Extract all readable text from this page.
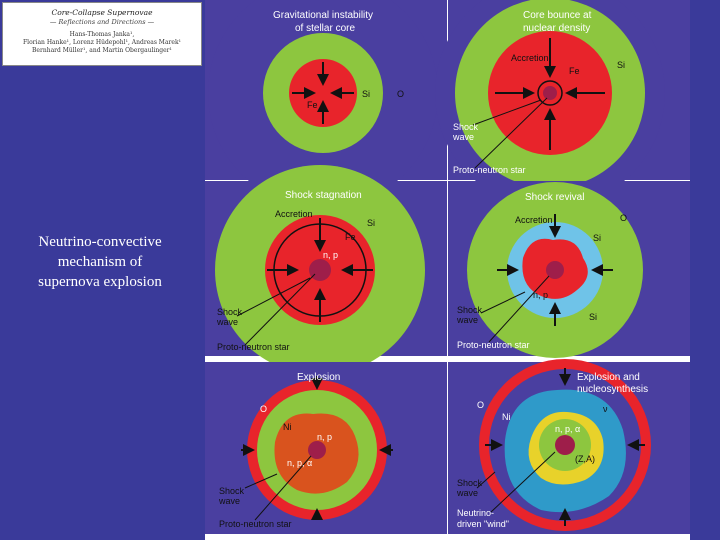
Core-Collapse Supernovae
— Reflections and Directions —
Hans-Thomas Janka¹,
Florian Hanke¹, Lorenz Hüdepohl¹, Andreas Marek¹
Bernhard Müller¹, and Martin Obergaulinger¹
Neutrino-convective
mechanism of
supernova explosion
Gravitational instability
of stellar core
Fe
Si	O
Core bounce at
nuclear density
Accretion
Fe
Si
Shock
wave
Proto-neutron star
Shock stagnation
Accretion
Si
Fe
n, p
Shock
wave
Proto-neutron star
Shock revival
Accretion	O
Si
Si
n, p
Shock
wave
Proto-neutron star
Explosion
O
Ni
n, p
n, p, α
Shock
wave
Proto-neutron star
Explosion and
nucleosynthesis
O
Ni
n, p, α
(Z,A)
ν
Shock
wave
Neutrino-
driven "wind"
